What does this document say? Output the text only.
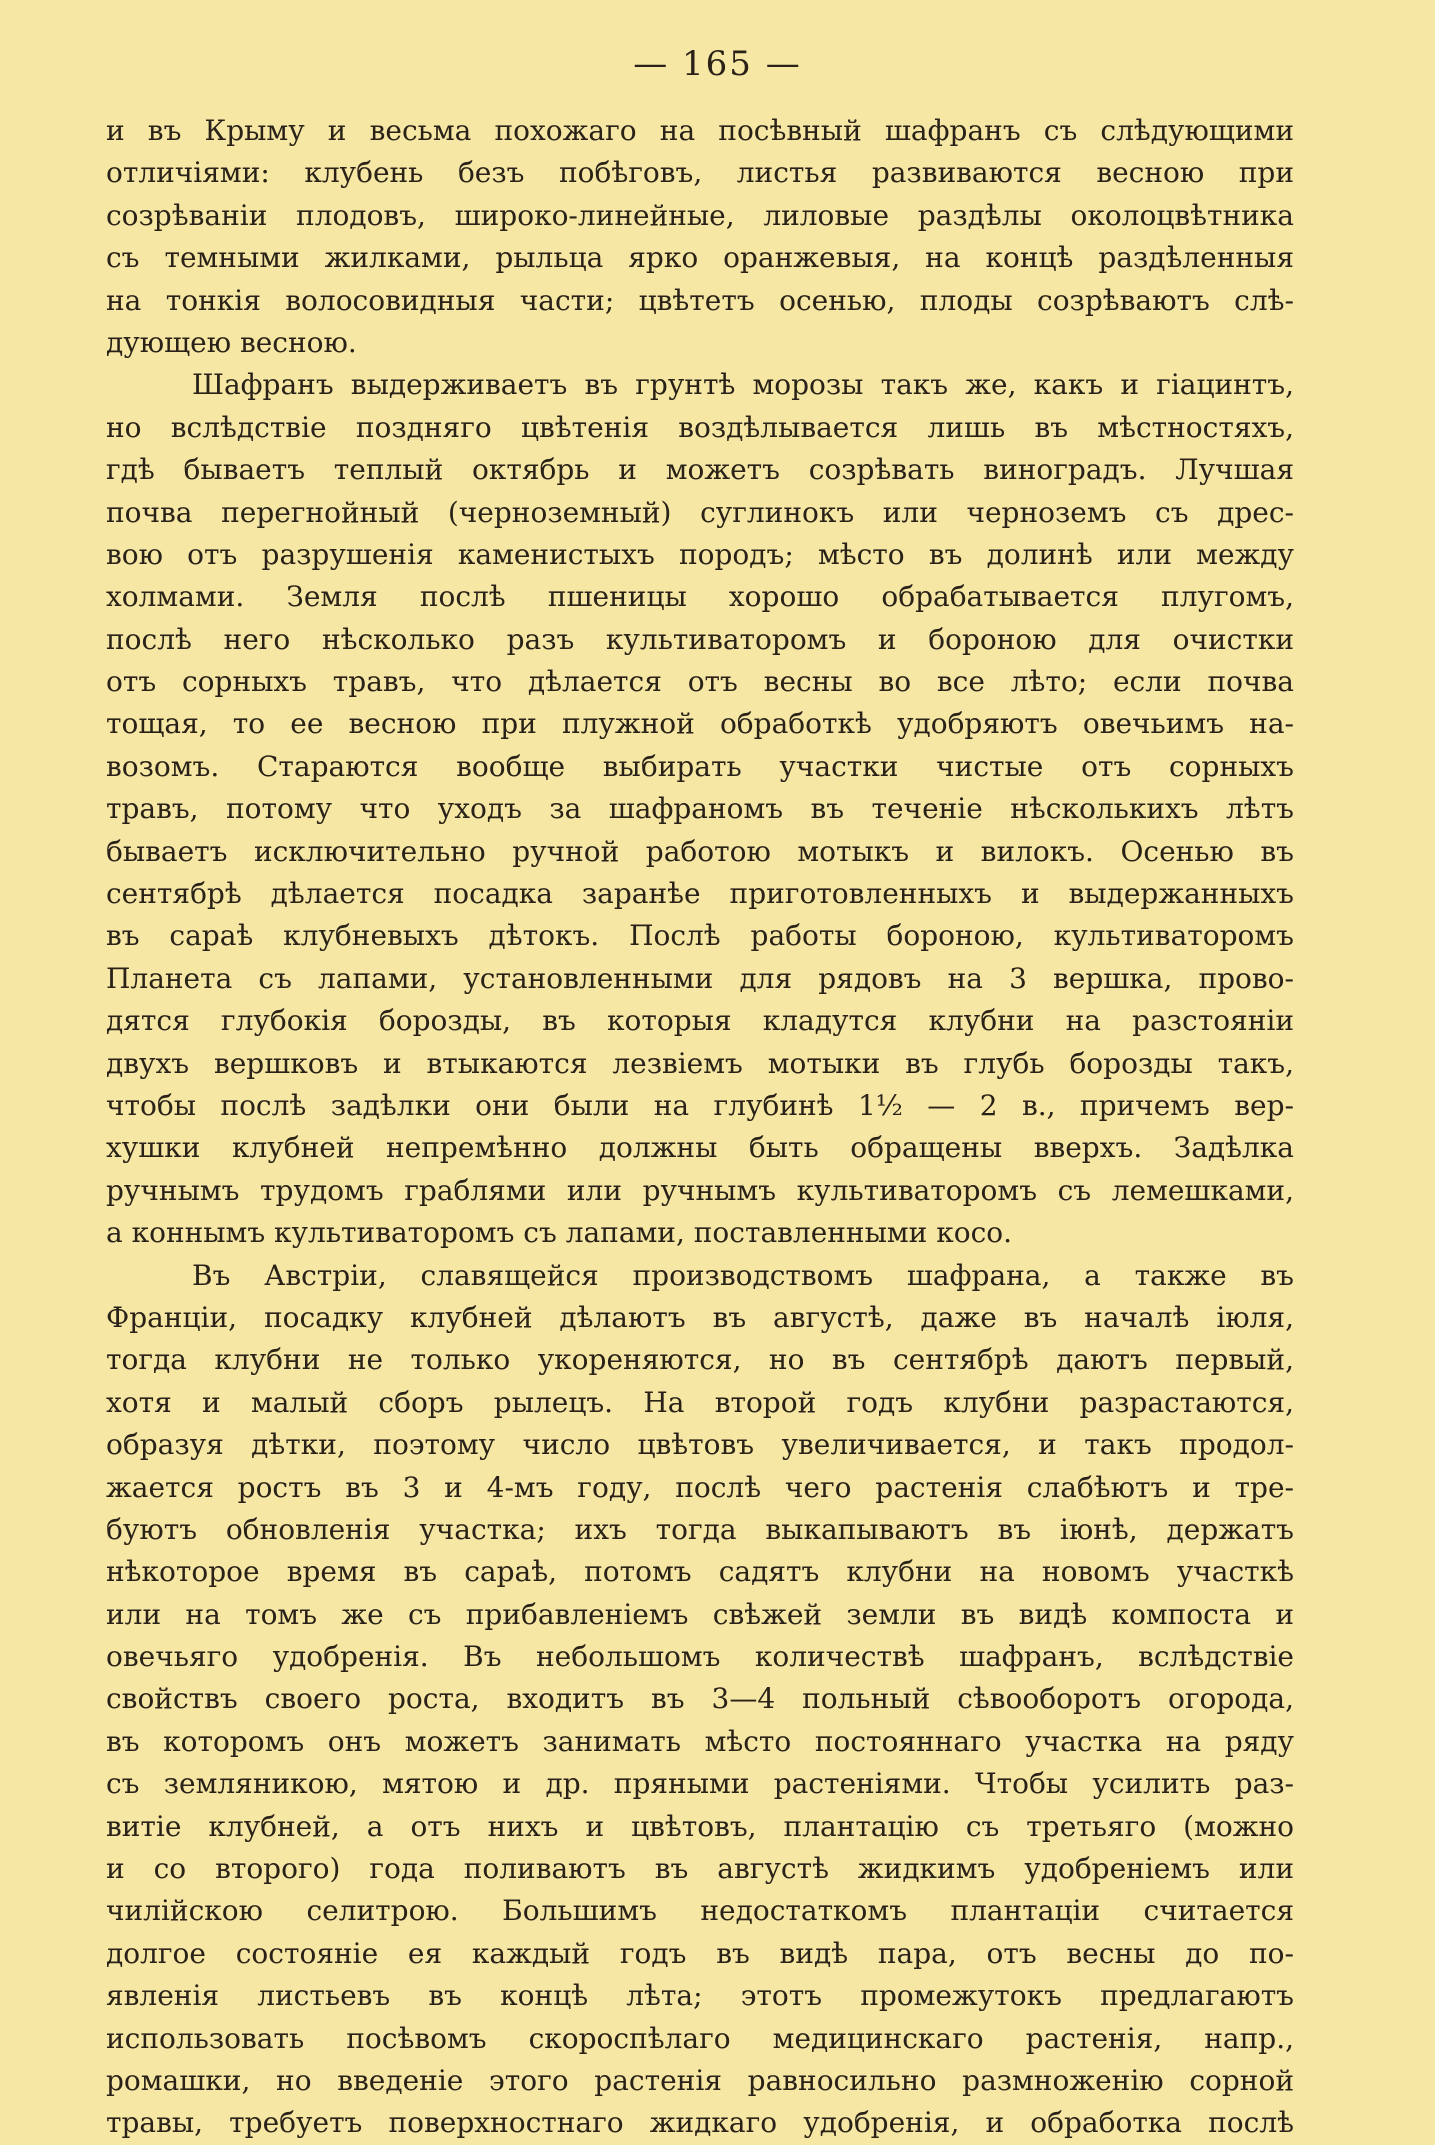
— 165 —
и въ Крыму и весьма похожаго на посѣвный шафранъ съ слѣдующими
отличіями: клубень безъ побѣговъ, листья развиваются весною при
созрѣваніи плодовъ, широко-линейные, лиловые раздѣлы околоцвѣтника
съ темными жилками, рыльца ярко оранжевыя, на концѣ раздѣленныя
на тонкія волосовидныя части; цвѣтетъ осенью, плоды созрѣваютъ слѣ-
дующею весною.
Шафранъ выдерживаетъ въ грунтѣ морозы такъ же, какъ и гіацинтъ,
но вслѣдствіе поздняго цвѣтенія воздѣлывается лишь въ мѣстностяхъ,
гдѣ бываетъ теплый октябрь и можетъ созрѣвать виноградъ. Лучшая
почва перегнойный (черноземный) суглинокъ или черноземъ съ дрес-
вою отъ разрушенія каменистыхъ породъ; мѣсто въ долинѣ или между
холмами. Земля послѣ пшеницы хорошо обрабатывается плугомъ,
послѣ него нѣсколько разъ культиваторомъ и бороною для очистки
отъ сорныхъ травъ, что дѣлается отъ весны во все лѣто; если почва
тощая, то ее весною при плужной обработкѣ удобряютъ овечьимъ на-
возомъ. Стараются вообще выбирать участки чистые отъ сорныхъ
травъ, потому что уходъ за шафраномъ въ теченіе нѣсколькихъ лѣтъ
бываетъ исключительно ручной работою мотыкъ и вилокъ. Осенью въ
сентябрѣ дѣлается посадка заранѣе приготовленныхъ и выдержанныхъ
въ сараѣ клубневыхъ дѣтокъ. Послѣ работы бороною, культиваторомъ
Планета съ лапами, установленными для рядовъ на 3 вершка, прово-
дятся глубокія борозды, въ которыя кладутся клубни на разстояніи
двухъ вершковъ и втыкаются лезвіемъ мотыки въ глубь борозды такъ,
чтобы послѣ задѣлки они были на глубинѣ 1½ — 2 в., причемъ вер-
хушки клубней непремѣнно должны быть обращены вверхъ. Задѣлка
ручнымъ трудомъ граблями или ручнымъ культиваторомъ съ лемешками,
а коннымъ культиваторомъ съ лапами, поставленными косо.
Въ Австріи, славящейся производствомъ шафрана, а также въ
Франціи, посадку клубней дѣлаютъ въ августѣ, даже въ началѣ іюля,
тогда клубни не только укореняются, но въ сентябрѣ даютъ первый,
хотя и малый сборъ рылецъ. На второй годъ клубни разрастаются,
образуя дѣтки, поэтому число цвѣтовъ увеличивается, и такъ продол-
жается ростъ въ 3 и 4-мъ году, послѣ чего растенія слабѣютъ и тре-
буютъ обновленія участка; ихъ тогда выкапываютъ въ іюнѣ, держатъ
нѣкоторое время въ сараѣ, потомъ садятъ клубни на новомъ участкѣ
или на томъ же съ прибавленіемъ свѣжей земли въ видѣ компоста и
овечьяго удобренія. Въ небольшомъ количествѣ шафранъ, вслѣдствіе
свойствъ своего роста, входитъ въ 3—4 польный сѣвооборотъ огорода,
въ которомъ онъ можетъ занимать мѣсто постояннаго участка на ряду
съ земляникою, мятою и др. пряными растеніями. Чтобы усилить раз-
витіе клубней, а отъ нихъ и цвѣтовъ, плантацію съ третьяго (можно
и со второго) года поливаютъ въ августѣ жидкимъ удобреніемъ или
чилійскою селитрою. Большимъ недостаткомъ плантаціи считается
долгое состояніе ея каждый годъ въ видѣ пара, отъ весны до по-
явленія листьевъ въ концѣ лѣта; этотъ промежутокъ предлагаютъ
использовать посѣвомъ скороспѣлаго медицинскаго растенія, напр.,
ромашки, но введеніе этого растенія равносильно размноженію сорной
травы, требуетъ поверхностнаго жидкаго удобренія, и обработка послѣ
